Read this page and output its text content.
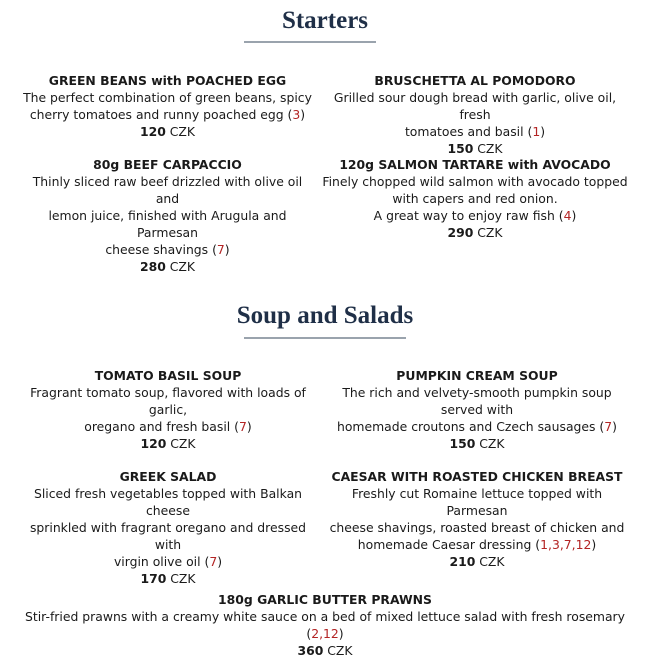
Starters
GREEN BEANS with POACHED EGG
The perfect combination of green beans, spicy
cherry tomatoes and runny poached egg (3)
120 CZK
BRUSCHETTA AL POMODORO
Grilled sour dough bread with garlic, olive oil, fresh
tomatoes and basil (1)
150 CZK
80g BEEF CARPACCIO
Thinly sliced raw beef drizzled with olive oil and
lemon juice, finished with Arugula and Parmesan
cheese shavings (7)
280 CZK
120g SALMON TARTARE with AVOCADO
Finely chopped wild salmon with avocado topped
with capers and red onion.
A great way to enjoy raw fish (4)
290 CZK
Soup and Salads
TOMATO BASIL SOUP
Fragrant tomato soup, flavored with loads of garlic,
oregano and fresh basil (7)
120 CZK
PUMPKIN CREAM SOUP
The rich and velvety-smooth pumpkin soup served with
homemade croutons and Czech sausages (7)
150 CZK
GREEK SALAD
Sliced fresh vegetables topped with Balkan cheese
sprinkled with fragrant oregano and dressed with
virgin olive oil (7)
170 CZK
CAESAR WITH ROASTED CHICKEN BREAST
Freshly cut Romaine lettuce topped with Parmesan
cheese shavings, roasted breast of chicken and
homemade Caesar dressing (1,3,7,12)
210 CZK
180g GARLIC BUTTER PRAWNS
Stir-fried prawns with a creamy white sauce on a bed of mixed lettuce salad with fresh rosemary (2,12)
360 CZK
